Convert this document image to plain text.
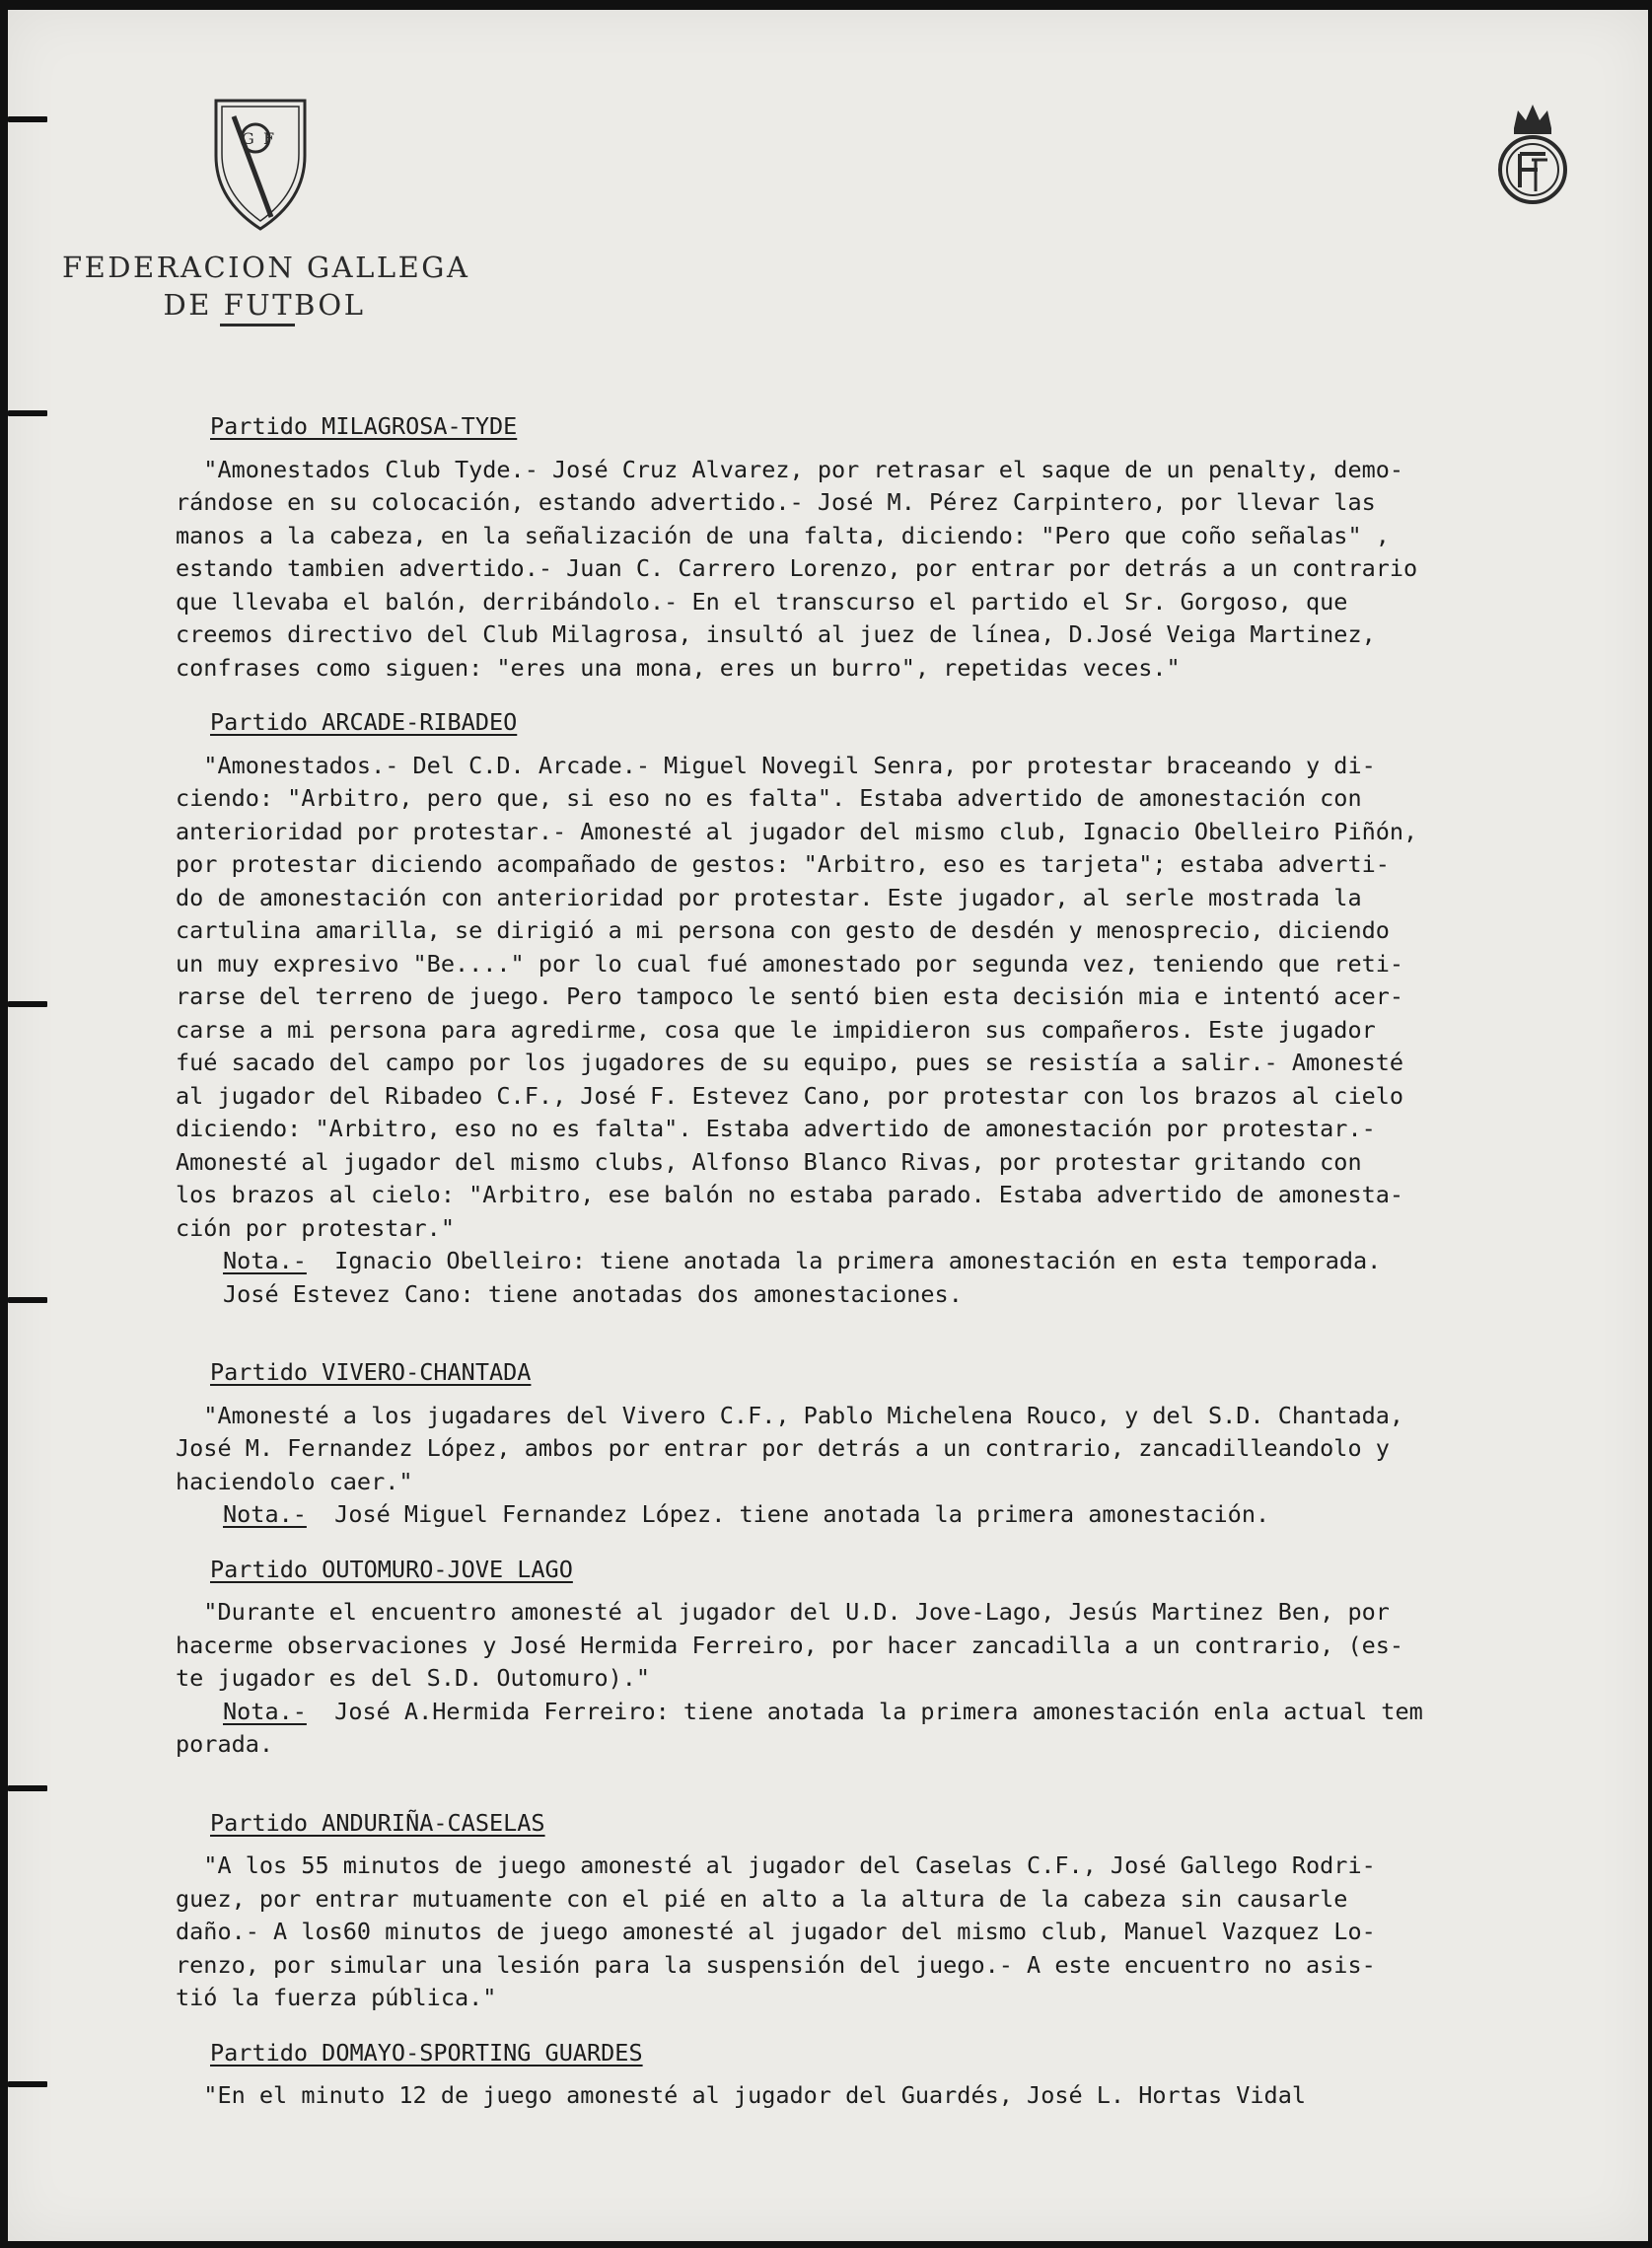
G F
FEDERACION GALLEGA
DE FUTBOL
Partido MILAGROSA-TYDE
"Amonestados Club Tyde.- José Cruz Alvarez, por retrasar el saque de un penalty, demo-
rándose en su colocación, estando advertido.- José M. Pérez Carpintero, por llevar las
manos a la cabeza, en la señalización de una falta, diciendo: "Pero que coño señalas" ,
estando tambien advertido.- Juan C. Carrero Lorenzo, por entrar por detrás a un contrario
que llevaba el balón, derribándolo.- En el transcurso el partido el Sr. Gorgoso, que
creemos directivo del Club Milagrosa, insultó al juez de línea, D.José Veiga Martinez,
confrases como siguen: "eres una mona, eres un burro", repetidas veces."
Partido ARCADE-RIBADEO
"Amonestados.- Del C.D. Arcade.- Miguel Novegil Senra, por protestar braceando y di-
ciendo: "Arbitro, pero que, si eso no es falta". Estaba advertido de amonestación con
anterioridad por protestar.- Amonesté al jugador del mismo club, Ignacio Obelleiro Piñón,
por protestar diciendo acompañado de gestos: "Arbitro, eso es tarjeta"; estaba adverti-
do de amonestación con anterioridad por protestar. Este jugador, al serle mostrada la
cartulina amarilla, se dirigió a mi persona con gesto de desdén y menosprecio, diciendo
un muy expresivo "Be...." por lo cual fué amonestado por segunda vez, teniendo que reti-
rarse del terreno de juego. Pero tampoco le sentó bien esta decisión mia e intentó acer-
carse a mi persona para agredirme, cosa que le impidieron sus compañeros. Este jugador
fué sacado del campo por los jugadores de su equipo, pues se resistía a salir.- Amonesté
al jugador del Ribadeo C.F., José F. Estevez Cano, por protestar con los brazos al cielo
diciendo: "Arbitro, eso no es falta". Estaba advertido de amonestación por protestar.-
Amonesté al jugador del mismo clubs, Alfonso Blanco Rivas, por protestar gritando con
los brazos al cielo: "Arbitro, ese balón no estaba parado. Estaba advertido de amonesta-
ción por protestar."
Nota.-  Ignacio Obelleiro: tiene anotada la primera amonestación en esta temporada.
José Estevez Cano: tiene anotadas dos amonestaciones.
Partido VIVERO-CHANTADA
"Amonesté a los jugadares del Vivero C.F., Pablo Michelena Rouco, y del S.D. Chantada,
José M. Fernandez López, ambos por entrar por detrás a un contrario, zancadilleandolo y
haciendolo caer."
Nota.-  José Miguel Fernandez López. tiene anotada la primera amonestación.
Partido OUTOMURO-JOVE LAGO
"Durante el encuentro amonesté al jugador del U.D. Jove-Lago, Jesús Martinez Ben, por
hacerme observaciones y José Hermida Ferreiro, por hacer zancadilla a un contrario, (es-
te jugador es del S.D. Outomuro)."
Nota.-  José A.Hermida Ferreiro: tiene anotada la primera amonestación enla actual tem
porada.
Partido ANDURIÑA-CASELAS
"A los 55 minutos de juego amonesté al jugador del Caselas C.F., José Gallego Rodri-
guez, por entrar mutuamente con el pié en alto a la altura de la cabeza sin causarle
daño.- A los60 minutos de juego amonesté al jugador del mismo club, Manuel Vazquez Lo-
renzo, por simular una lesión para la suspensión del juego.- A este encuentro no asis-
tió la fuerza pública."
Partido DOMAYO-SPORTING GUARDES
"En el minuto 12 de juego amonesté al jugador del Guardés, José L. Hortas Vidal
